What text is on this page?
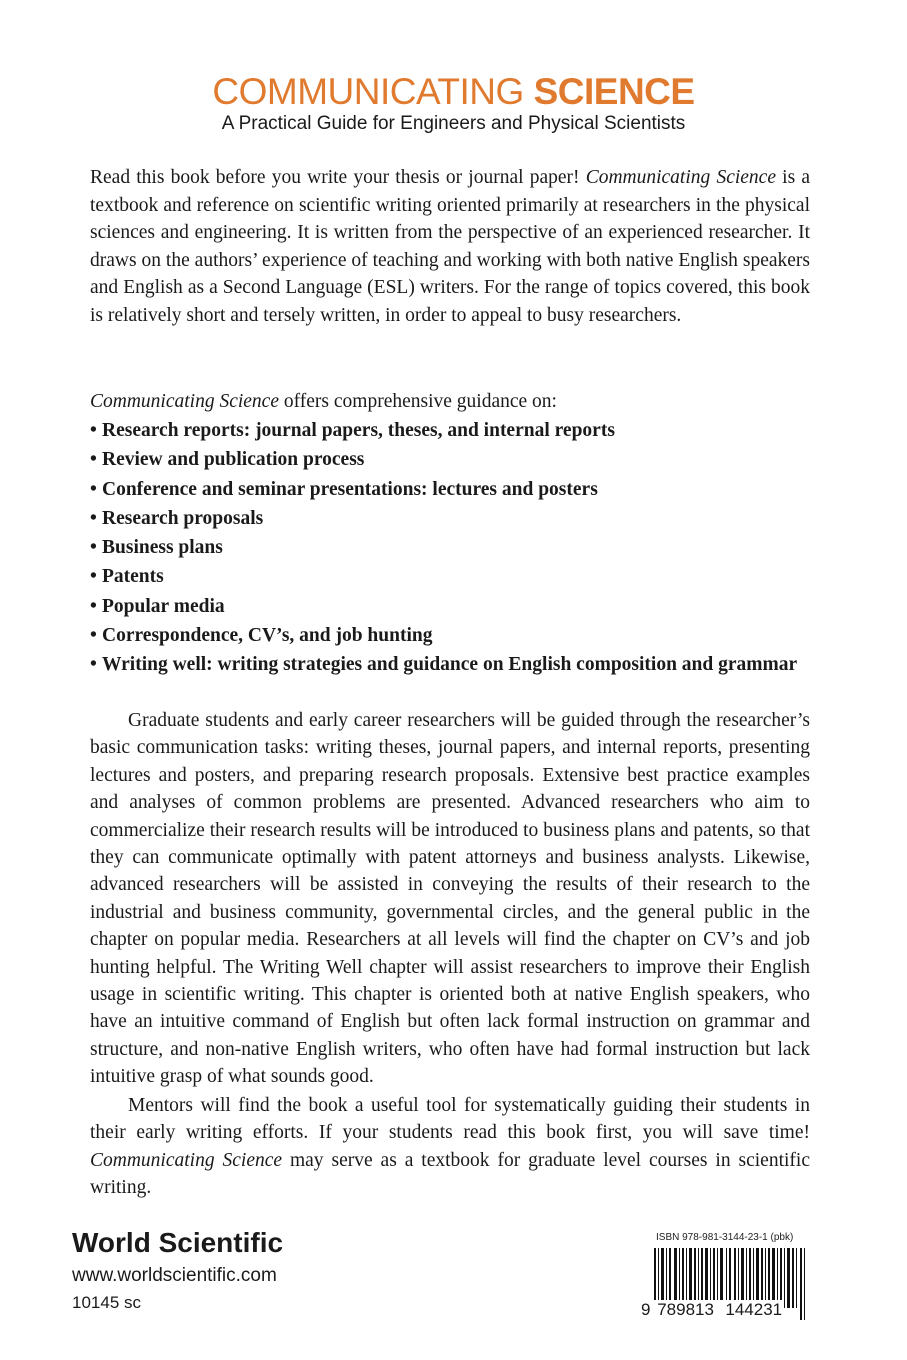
COMMUNICATING SCIENCE
A Practical Guide for Engineers and Physical Scientists

Read this book before you write your thesis or journal paper! Communicating Science is a textbook and reference on scientific writing oriented primarily at researchers in the physical sciences and engineering. It is written from the perspective of an experienced researcher. It draws on the authors’ experience of teaching and working with both native English speakers and English as a Second Language (ESL) writers. For the range of topics covered, this book is relatively short and tersely written, in order to appeal to busy researchers.

Communicating Science offers comprehensive guidance on:

• Research reports: journal papers, theses, and internal reports
• Review and publication process
• Conference and seminar presentations: lectures and posters
• Research proposals
• Business plans
• Patents
• Popular media
• Correspondence, CV’s, and job hunting
• Writing well: writing strategies and guidance on English composition and grammar

Graduate students and early career researchers will be guided through the researcher’s basic communication tasks: writing theses, journal papers, and internal reports, presenting lectures and posters, and preparing research proposals. Extensive best practice examples and analyses of common problems are presented. Advanced researchers who aim to commercialize their research results will be introduced to business plans and patents, so that they can communicate optimally with patent attorneys and business analysts. Likewise, advanced researchers will be assisted in conveying the results of their research to the industrial and business community, governmental circles, and the general public in the chapter on popular media. Researchers at all levels will find the chapter on CV’s and job hunting helpful. The Writing Well chapter will assist researchers to improve their English usage in scientific writing. This chapter is oriented both at native English speakers, who have an intuitive command of English but often lack formal instruction on grammar and structure, and non-native English writers, who often have had formal instruction but lack intuitive grasp of what sounds good.

Mentors will find the book a useful tool for systematically guiding their students in their early writing efforts. If your students read this book first, you will save time! Communicating Science may serve as a textbook for graduate level courses in scientific writing.

World Scientific
www.worldscientific.com
10145 sc
ISBN 978-981-3144-23-1 (pbk)
9 789813 144231
